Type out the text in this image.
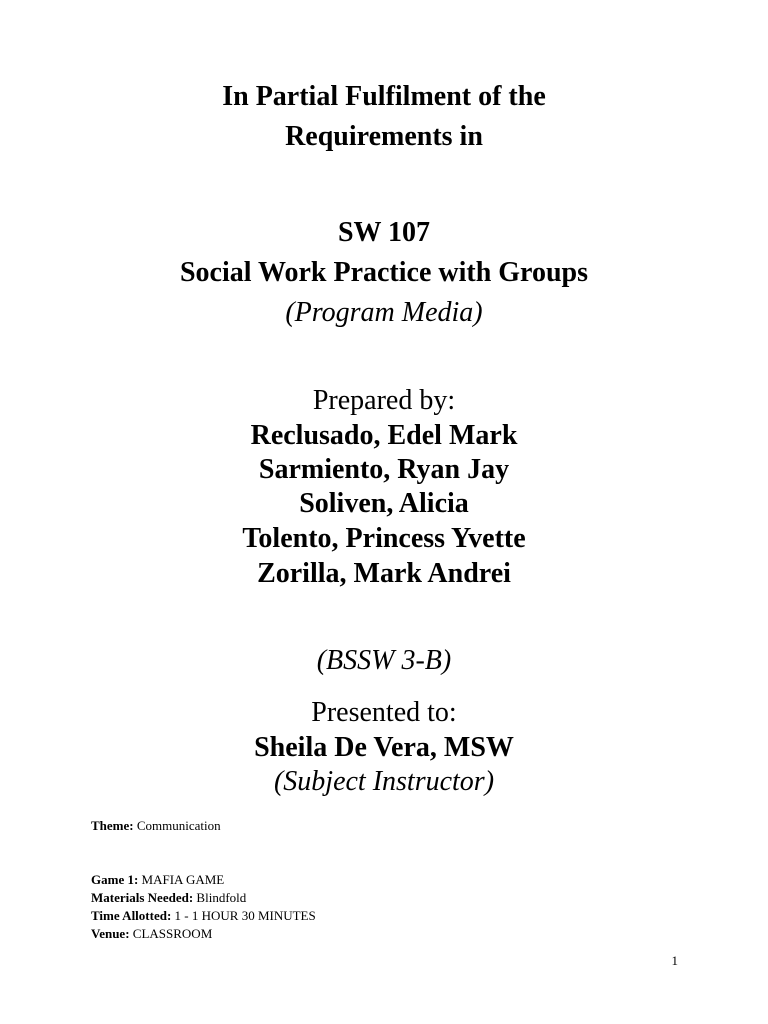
In Partial Fulfilment of the
Requirements in
SW 107
Social Work Practice with Groups
(Program Media)
Prepared by:
Reclusado, Edel Mark
Sarmiento, Ryan Jay
Soliven, Alicia
Tolento, Princess Yvette
Zorilla, Mark Andrei
(BSSW 3-B)
Presented to:
Sheila De Vera, MSW
(Subject Instructor)
Theme: Communication
Game 1: MAFIA GAME
Materials Needed: Blindfold
Time Allotted: 1 - 1 HOUR 30 MINUTES
Venue: CLASSROOM
1
